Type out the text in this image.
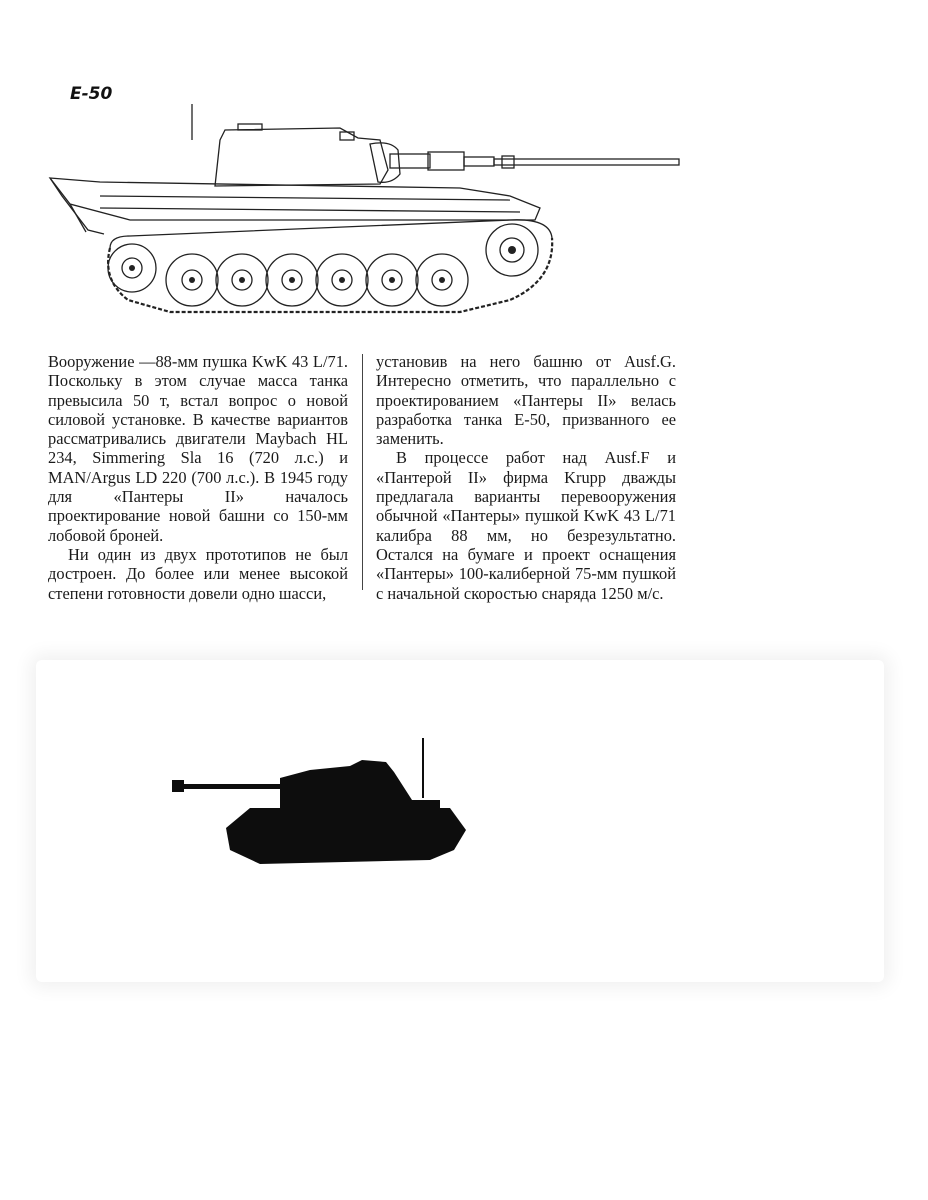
E-50

Вооружение —88-мм пушка KwK 43 L/71. Поскольку в этом случае масса танка превысила 50 т, встал вопрос о новой силовой установке. В качестве вариантов рассматривались двигатели Maybach HL 234, Simmering Sla 16 (720 л.с.) и MAN/Argus LD 220 (700 л.с.). В 1945 году для «Пантеры II» началось проектирование новой башни со 150-мм лобовой броней.

Ни один из двух прототипов не был достроен. До более или менее высокой степени готовности довели одно шасси,

установив на него башню от Ausf.G. Интересно отметить, что параллельно с проектированием «Пантеры II» велась разработка танка Е-50, призванного ее заменить.

В процессе работ над Ausf.F и «Пантерой II» фирма Krupp дважды предлагала варианты перевооружения обычной «Пантеры» пушкой KwK 43 L/71 калибра 88 мм, но безрезультатно. Остался на бумаге и проект оснащения «Пантеры» 100-калиберной 75-мм пушкой с начальной скоростью снаряда 1250 м/с.
